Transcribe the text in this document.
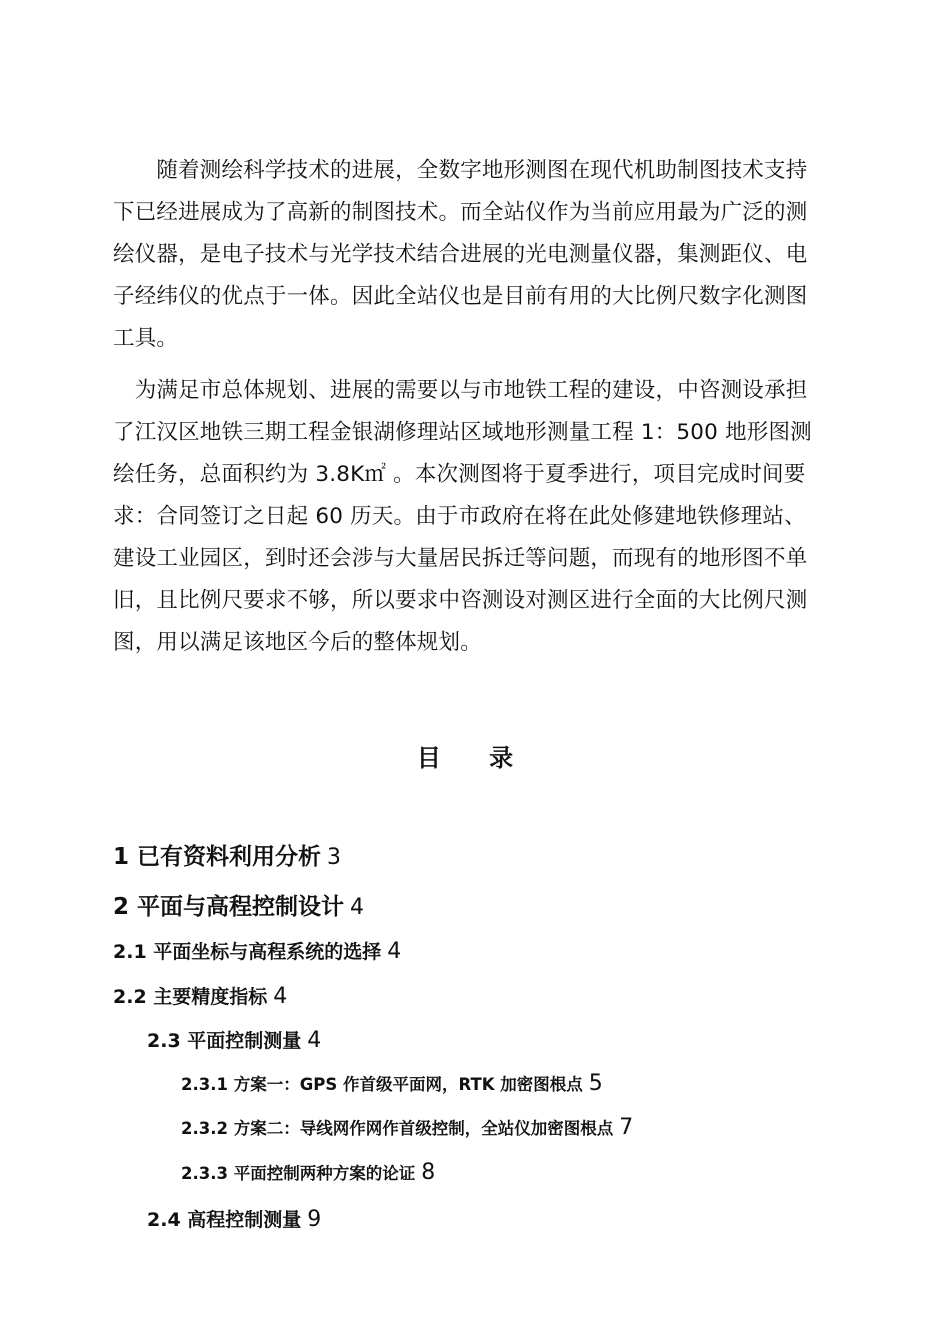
　　随着测绘科学技术的进展，全数字地形测图在现代机助制图技术支持
下已经进展成为了高新的制图技术。而全站仪作为当前应用最为广泛的测
绘仪器，是电子技术与光学技术结合进展的光电测量仪器，集测距仪、电
子经纬仪的优点于一体。因此全站仪也是目前有用的大比例尺数字化测图
工具。

　为满足市总体规划、进展的需要以与市地铁工程的建设，中咨测设承担
了江汉区地铁三期工程金银湖修理站区域地形测量工程 1：500 地形图测
绘任务，总面积约为 3.8K㎡ 。本次测图将于夏季进行，项目完成时间要
求：合同签订之日起 60 历天。由于市政府在将在此处修建地铁修理站、
建设工业园区，到时还会涉与大量居民拆迁等问题，而现有的地形图不单
旧，且比例尺要求不够，所以要求中咨测设对测区进行全面的大比例尺测
图，用以满足该地区今后的整体规划。

目 录
1 已有资料利用分析 3
2 平面与高程控制设计 4
2.1 平面坐标与高程系统的选择 4
2.2 主要精度指标 4
2.3 平面控制测量 4
2.3.1 方案一：GPS 作首级平面网，RTK 加密图根点 5
2.3.2 方案二：导线网作网作首级控制，全站仪加密图根点 7
2.3.3 平面控制两种方案的论证 8
2.4 高程控制测量 9
